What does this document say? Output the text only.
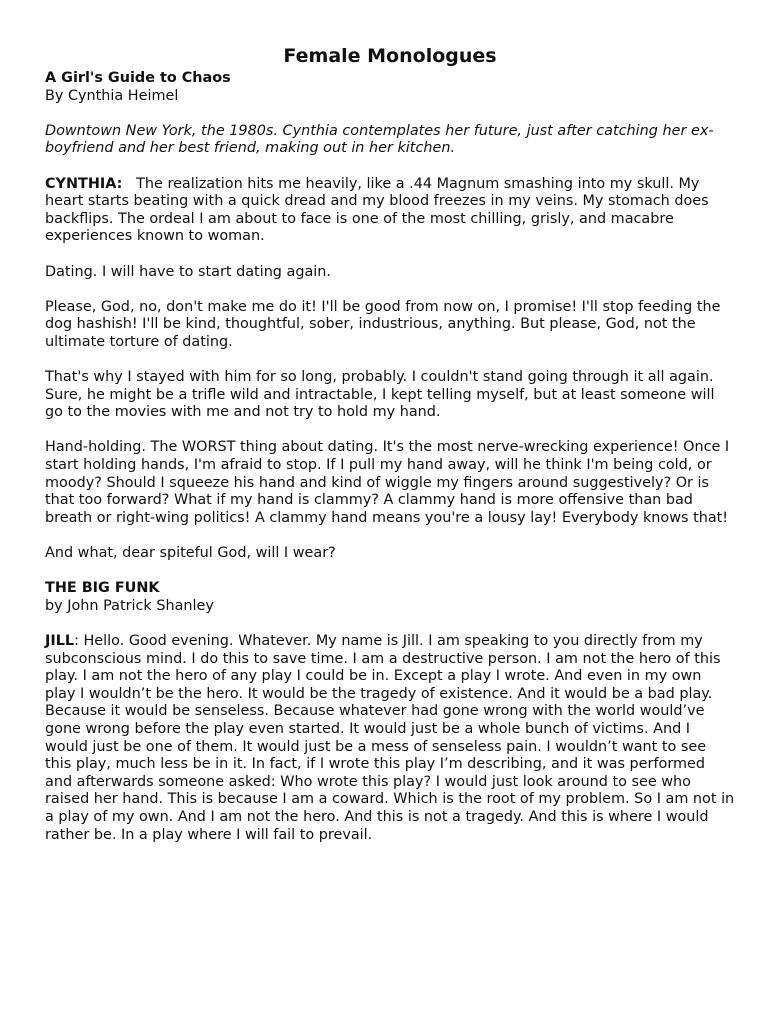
Female Monologues
A Girl's Guide to Chaos
By Cynthia Heimel
Downtown New York, the 1980s. Cynthia contemplates her future, just after catching her ex-boyfriend and her best friend, making out in her kitchen.

CYNTHIA: The realization hits me heavily, like a .44 Magnum smashing into my skull. My heart starts beating with a quick dread and my blood freezes in my veins. My stomach does backflips. The ordeal I am about to face is one of the most chilling, grisly, and macabre experiences known to woman.

Dating. I will have to start dating again.

Please, God, no, don't make me do it! I'll be good from now on, I promise! I'll stop feeding the dog hashish! I'll be kind, thoughtful, sober, industrious, anything. But please, God, not the ultimate torture of dating.

That's why I stayed with him for so long, probably. I couldn't stand going through it all again. Sure, he might be a trifle wild and intractable, I kept telling myself, but at least someone will go to the movies with me and not try to hold my hand.

Hand-holding. The WORST thing about dating. It's the most nerve-wrecking experience! Once I start holding hands, I'm afraid to stop. If I pull my hand away, will he think I'm being cold, or moody? Should I squeeze his hand and kind of wiggle my fingers around suggestively? Or is that too forward? What if my hand is clammy? A clammy hand is more offensive than bad breath or right-wing politics! A clammy hand means you're a lousy lay! Everybody knows that!

And what, dear spiteful God, will I wear?

THE BIG FUNK
by John Patrick Shanley

JILL: Hello. Good evening. Whatever. My name is Jill. I am speaking to you directly from my subconscious mind. I do this to save time. I am a destructive person. I am not the hero of this play. I am not the hero of any play I could be in. Except a play I wrote. And even in my own play I wouldn’t be the hero. It would be the tragedy of existence. And it would be a bad play. Because it would be senseless. Because whatever had gone wrong with the world would’ve gone wrong before the play even started. It would just be a whole bunch of victims. And I would just be one of them. It would just be a mess of senseless pain. I wouldn’t want to see this play, much less be in it. In fact, if I wrote this play I’m describing, and it was performed and afterwards someone asked: Who wrote this play? I would just look around to see who raised her hand. This is because I am a coward. Which is the root of my problem. So I am not in a play of my own. And I am not the hero. And this is not a tragedy. And this is where I would rather be. In a play where I will fail to prevail.
